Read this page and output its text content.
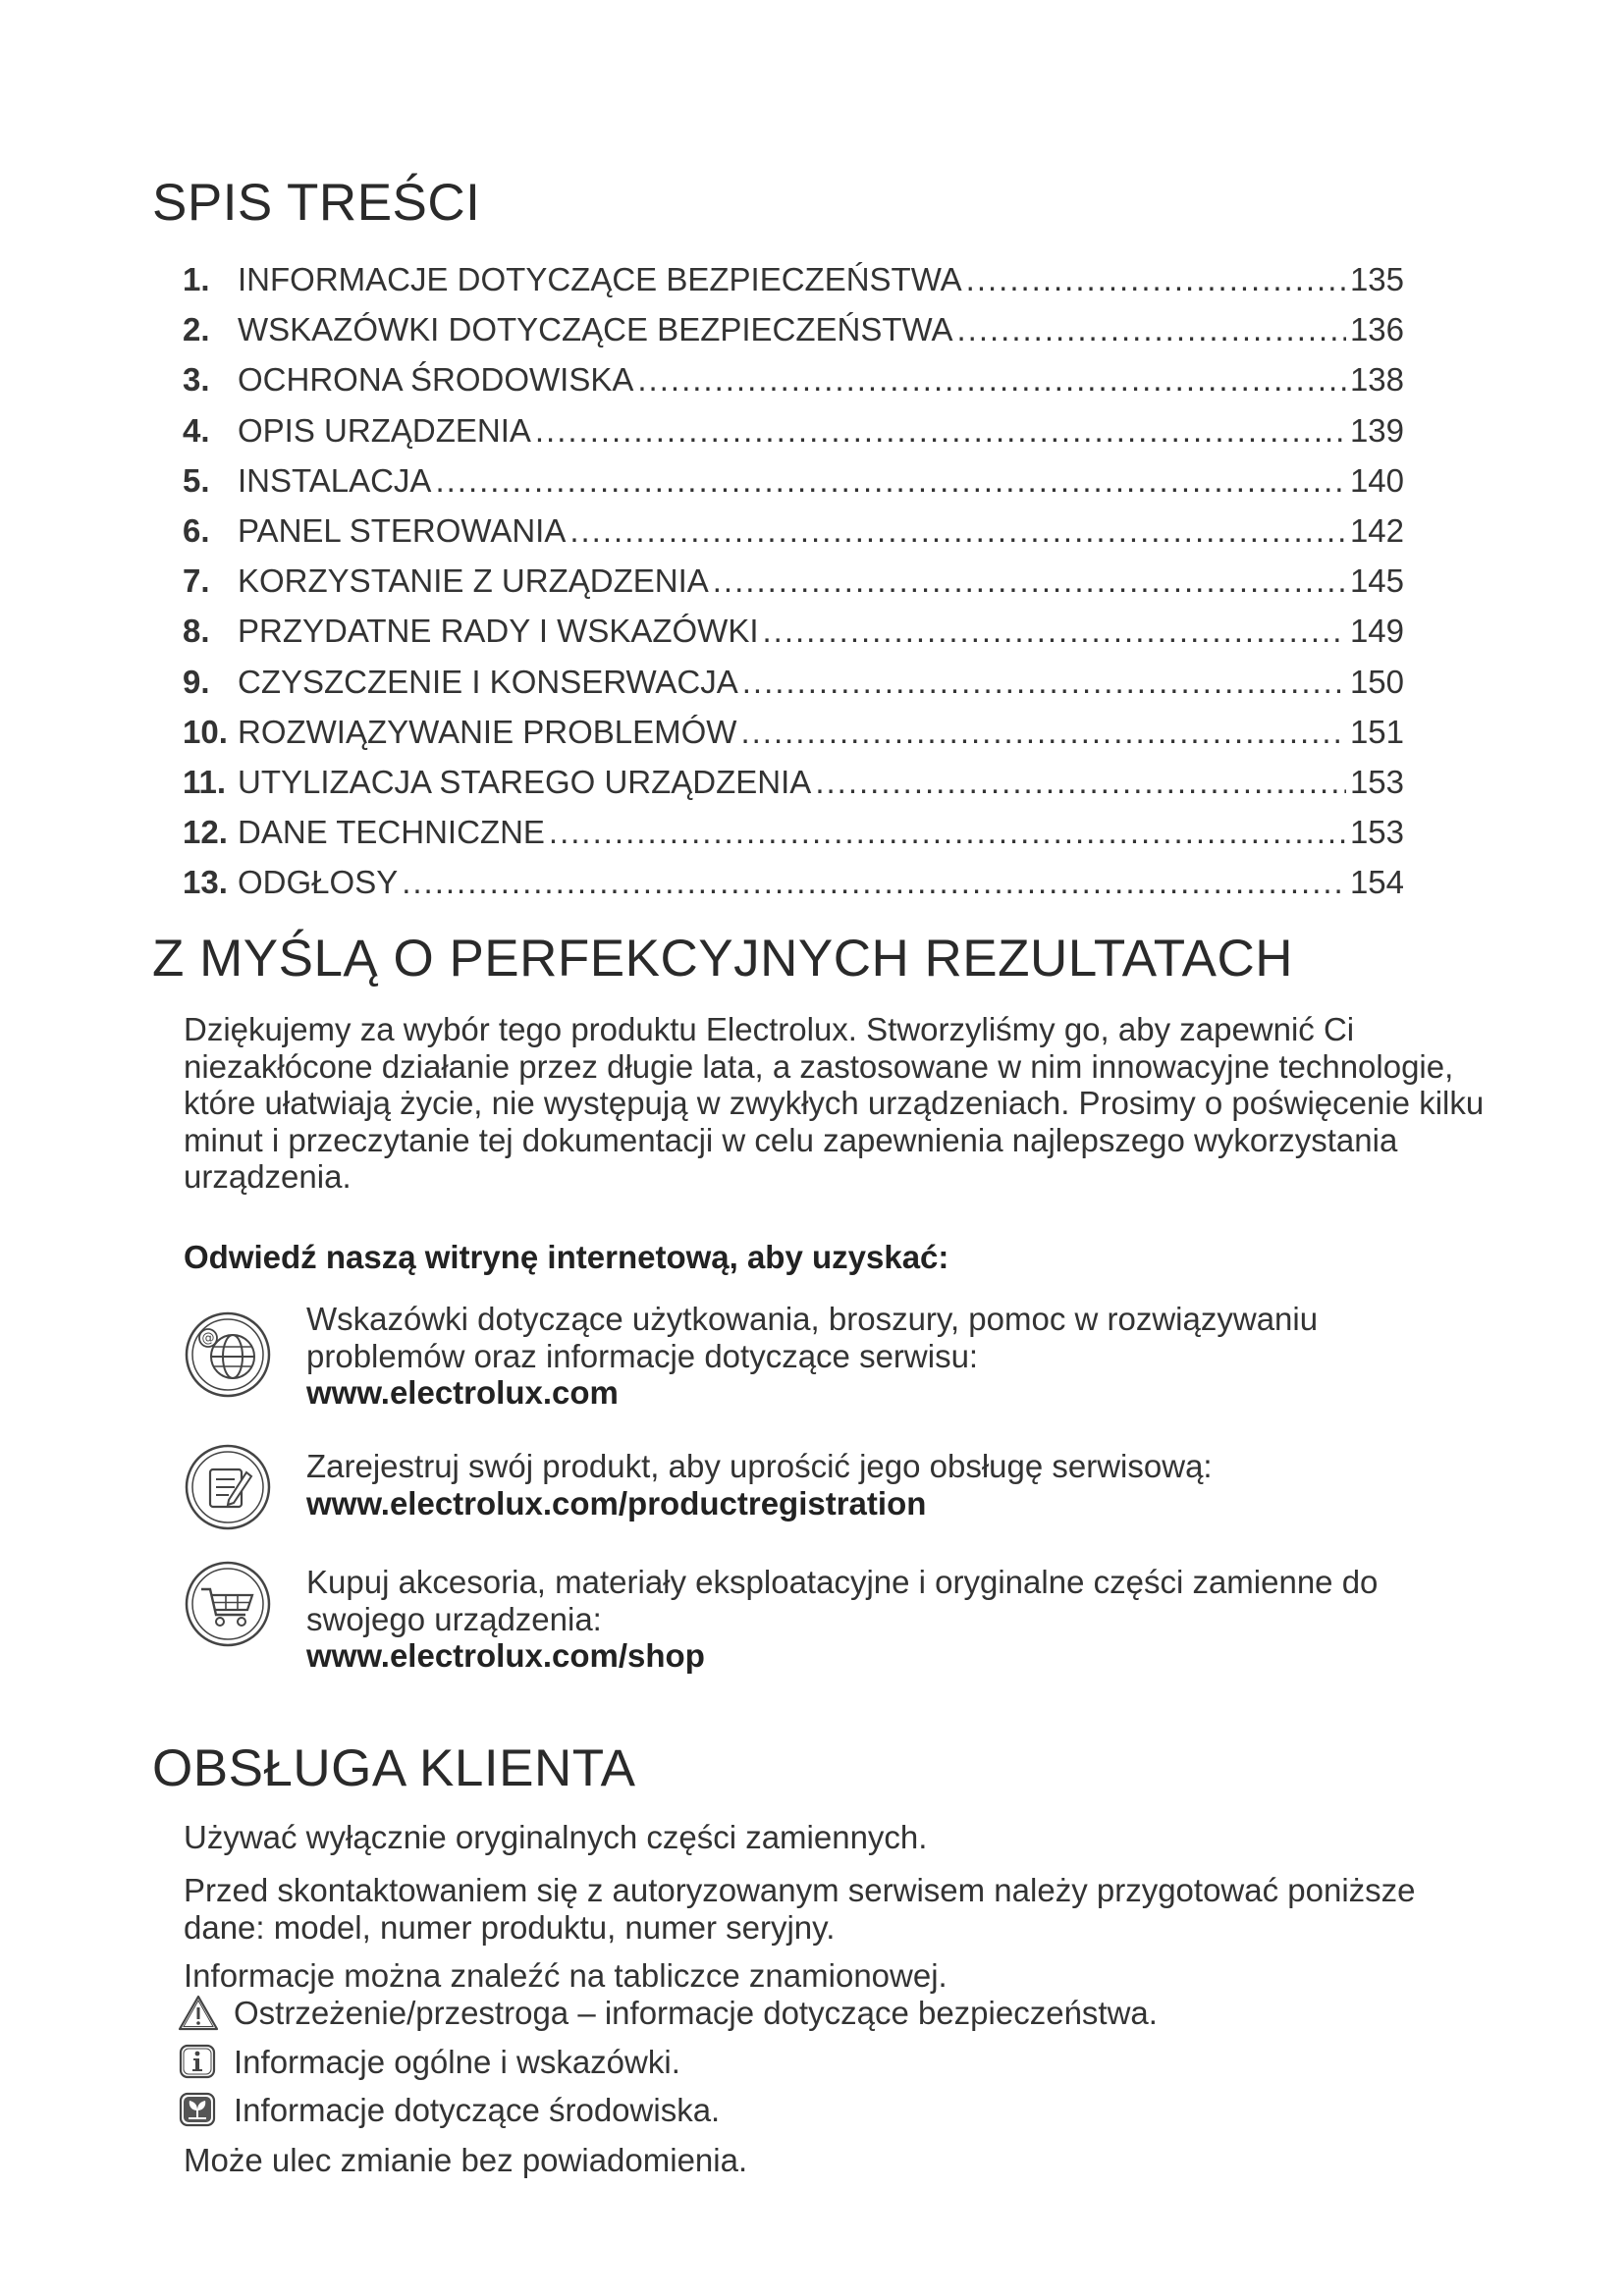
SPIS TREŚCI
1. INFORMACJE DOTYCZĄCE BEZPIECZEŃSTWA .....	135
2. WSKAZÓWKI DOTYCZĄCE BEZPIECZEŃSTWA .....	136
3. OCHRONA ŚRODOWISKA .....	138
4. OPIS URZĄDZENIA .....	139
5. INSTALACJA .....	140
6. PANEL STEROWANIA .....	142
7. KORZYSTANIE Z URZĄDZENIA .....	145
8. PRZYDATNE RADY I WSKAZÓWKI .....	149
9. CZYSZCZENIE I KONSERWACJA .....	150
10. ROZWIĄZYWANIE PROBLEMÓW .....	151
11. UTYLIZACJA STAREGO URZĄDZENIA .....	153
12. DANE TECHNICZNE .....	153
13. ODGŁOSY .....	154
Z MYŚLĄ O PERFEKCYJNYCH REZULTATACH

Dziękujemy za wybór tego produktu Electrolux. Stworzyliśmy go, aby zapewnić Ci niezakłócone działanie przez długie lata, a zastosowane w nim innowacyjne technologie, które ułatwiają życie, nie występują w zwykłych urządzeniach. Prosimy o poświęcenie kilku minut i przeczytanie tej dokumentacji w celu zapewnienia najlepszego wykorzystania urządzenia.

Odwiedź naszą witrynę internetową, aby uzyskać:

@
Wskazówki dotyczące użytkowania, broszury, pomoc w rozwiązywaniu problemów oraz informacje dotyczące serwisu:
www.electrolux.com
Zarejestruj swój produkt, aby uprościć jego obsługę serwisową:
www.electrolux.com/productregistration
Kupuj akcesoria, materiały eksploatacyjne i oryginalne części zamienne do swojego urządzenia:
www.electrolux.com/shop
OBSŁUGA KLIENTA

Używać wyłącznie oryginalnych części zamiennych.

Przed skontaktowaniem się z autoryzowanym serwisem należy przygotować poniższe dane: model, numer produktu, numer seryjny.

Informacje można znaleźć na tabliczce znamionowej.

Ostrzeżenie/przestroga – informacje dotyczące bezpieczeństwa.
Informacje ogólne i wskazówki.
Informacje dotyczące środowiska.

Może ulec zmianie bez powiadomienia.
